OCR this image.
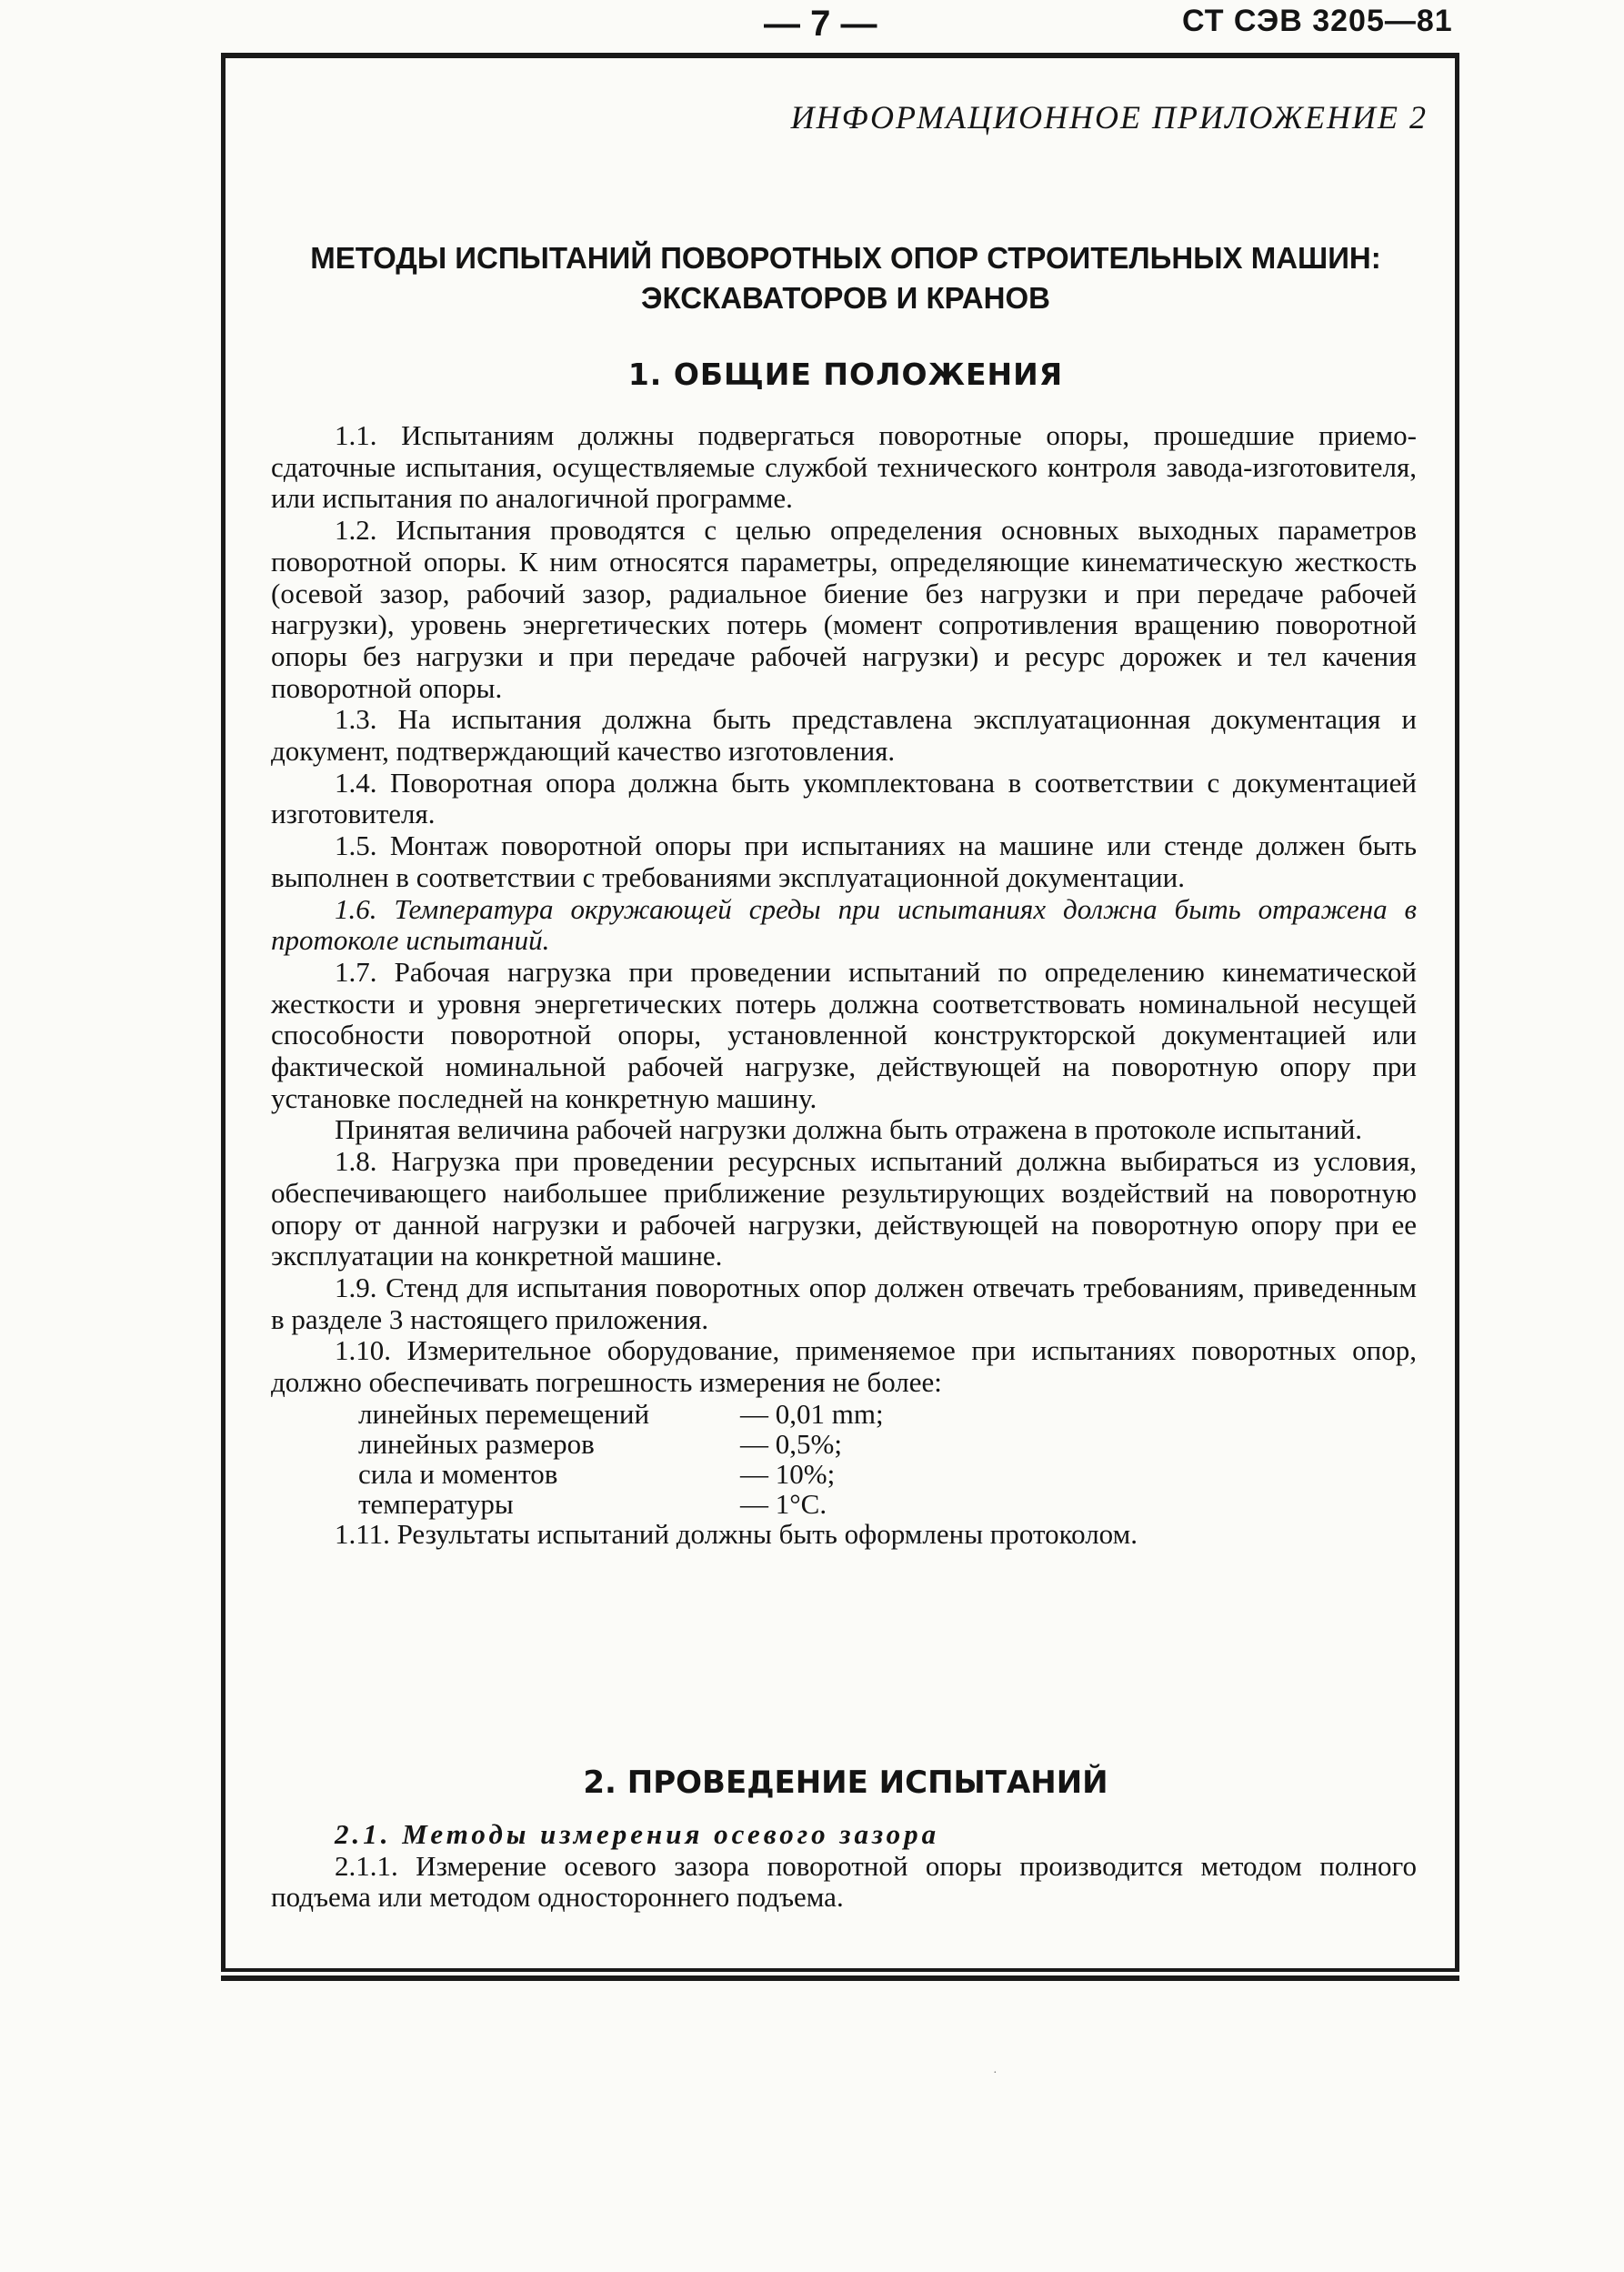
— 7 —	СТ СЭВ 3205—81
ИНФОРМАЦИОННОЕ ПРИЛОЖЕНИЕ 2
МЕТОДЫ ИСПЫТАНИЙ ПОВОРОТНЫХ ОПОР СТРОИТЕЛЬНЫХ МАШИН: ЭКСКАВАТОРОВ И КРАНОВ
1. ОБЩИЕ ПОЛОЖЕНИЯ

1.1. Испытаниям должны подвергаться поворотные опоры, прошедшие приемо-сдаточные испытания, осуществляемые службой технического контроля завода-изготовителя, или испытания по аналогичной программе.

1.2. Испытания проводятся с целью определения основных выходных параметров поворотной опоры. К ним относятся параметры, определяющие кинематическую жесткость (осевой зазор, рабочий зазор, радиальное биение без нагрузки и при передаче рабочей нагрузки), уровень энергетических потерь (момент сопротивления вращению поворотной опоры без нагрузки и при передаче рабочей нагрузки) и ресурс дорожек и тел качения поворотной опоры.

1.3. На испытания должна быть представлена эксплуатационная документация и документ, подтверждающий качество изготовления.

1.4. Поворотная опора должна быть укомплектована в соответствии с документацией изготовителя.

1.5. Монтаж поворотной опоры при испытаниях на машине или стенде должен быть выполнен в соответствии с требованиями эксплуатационной документации.

1.6. Температура окружающей среды при испытаниях должна быть отражена в протоколе испытаний.

1.7. Рабочая нагрузка при проведении испытаний по определению кинематической жесткости и уровня энергетических потерь должна соответствовать номинальной несущей способности поворотной опоры, установленной конструкторской документацией или фактической номинальной рабочей нагрузке, действующей на поворотную опору при установке последней на конкретную машину.

Принятая величина рабочей нагрузки должна быть отражена в протоколе испытаний.

1.8. Нагрузка при проведении ресурсных испытаний должна выбираться из условия, обеспечивающего наибольшее приближение результирующих воздействий на поворотную опору от данной нагрузки и рабочей нагрузки, действующей на поворотную опору при ее эксплуатации на конкретной машине.

1.9. Стенд для испытания поворотных опор должен отвечать требованиям, приведенным в разделе 3 настоящего приложения.

1.10. Измерительное оборудование, применяемое при испытаниях поворотных опор, должно обеспечивать погрешность измерения не более:

линейных перемещений	— 0,01 mm;
линейных размеров	— 0,5%;
сила и моментов	— 10%;
температуры	— 1°С.

1.11. Результаты испытаний должны быть оформлены протоколом.

2. ПРОВЕДЕНИЕ ИСПЫТАНИЙ

2.1. Методы измерения осевого зазора

2.1.1. Измерение осевого зазора поворотной опоры производится методом полного подъема или методом одностороннего подъема.

·
